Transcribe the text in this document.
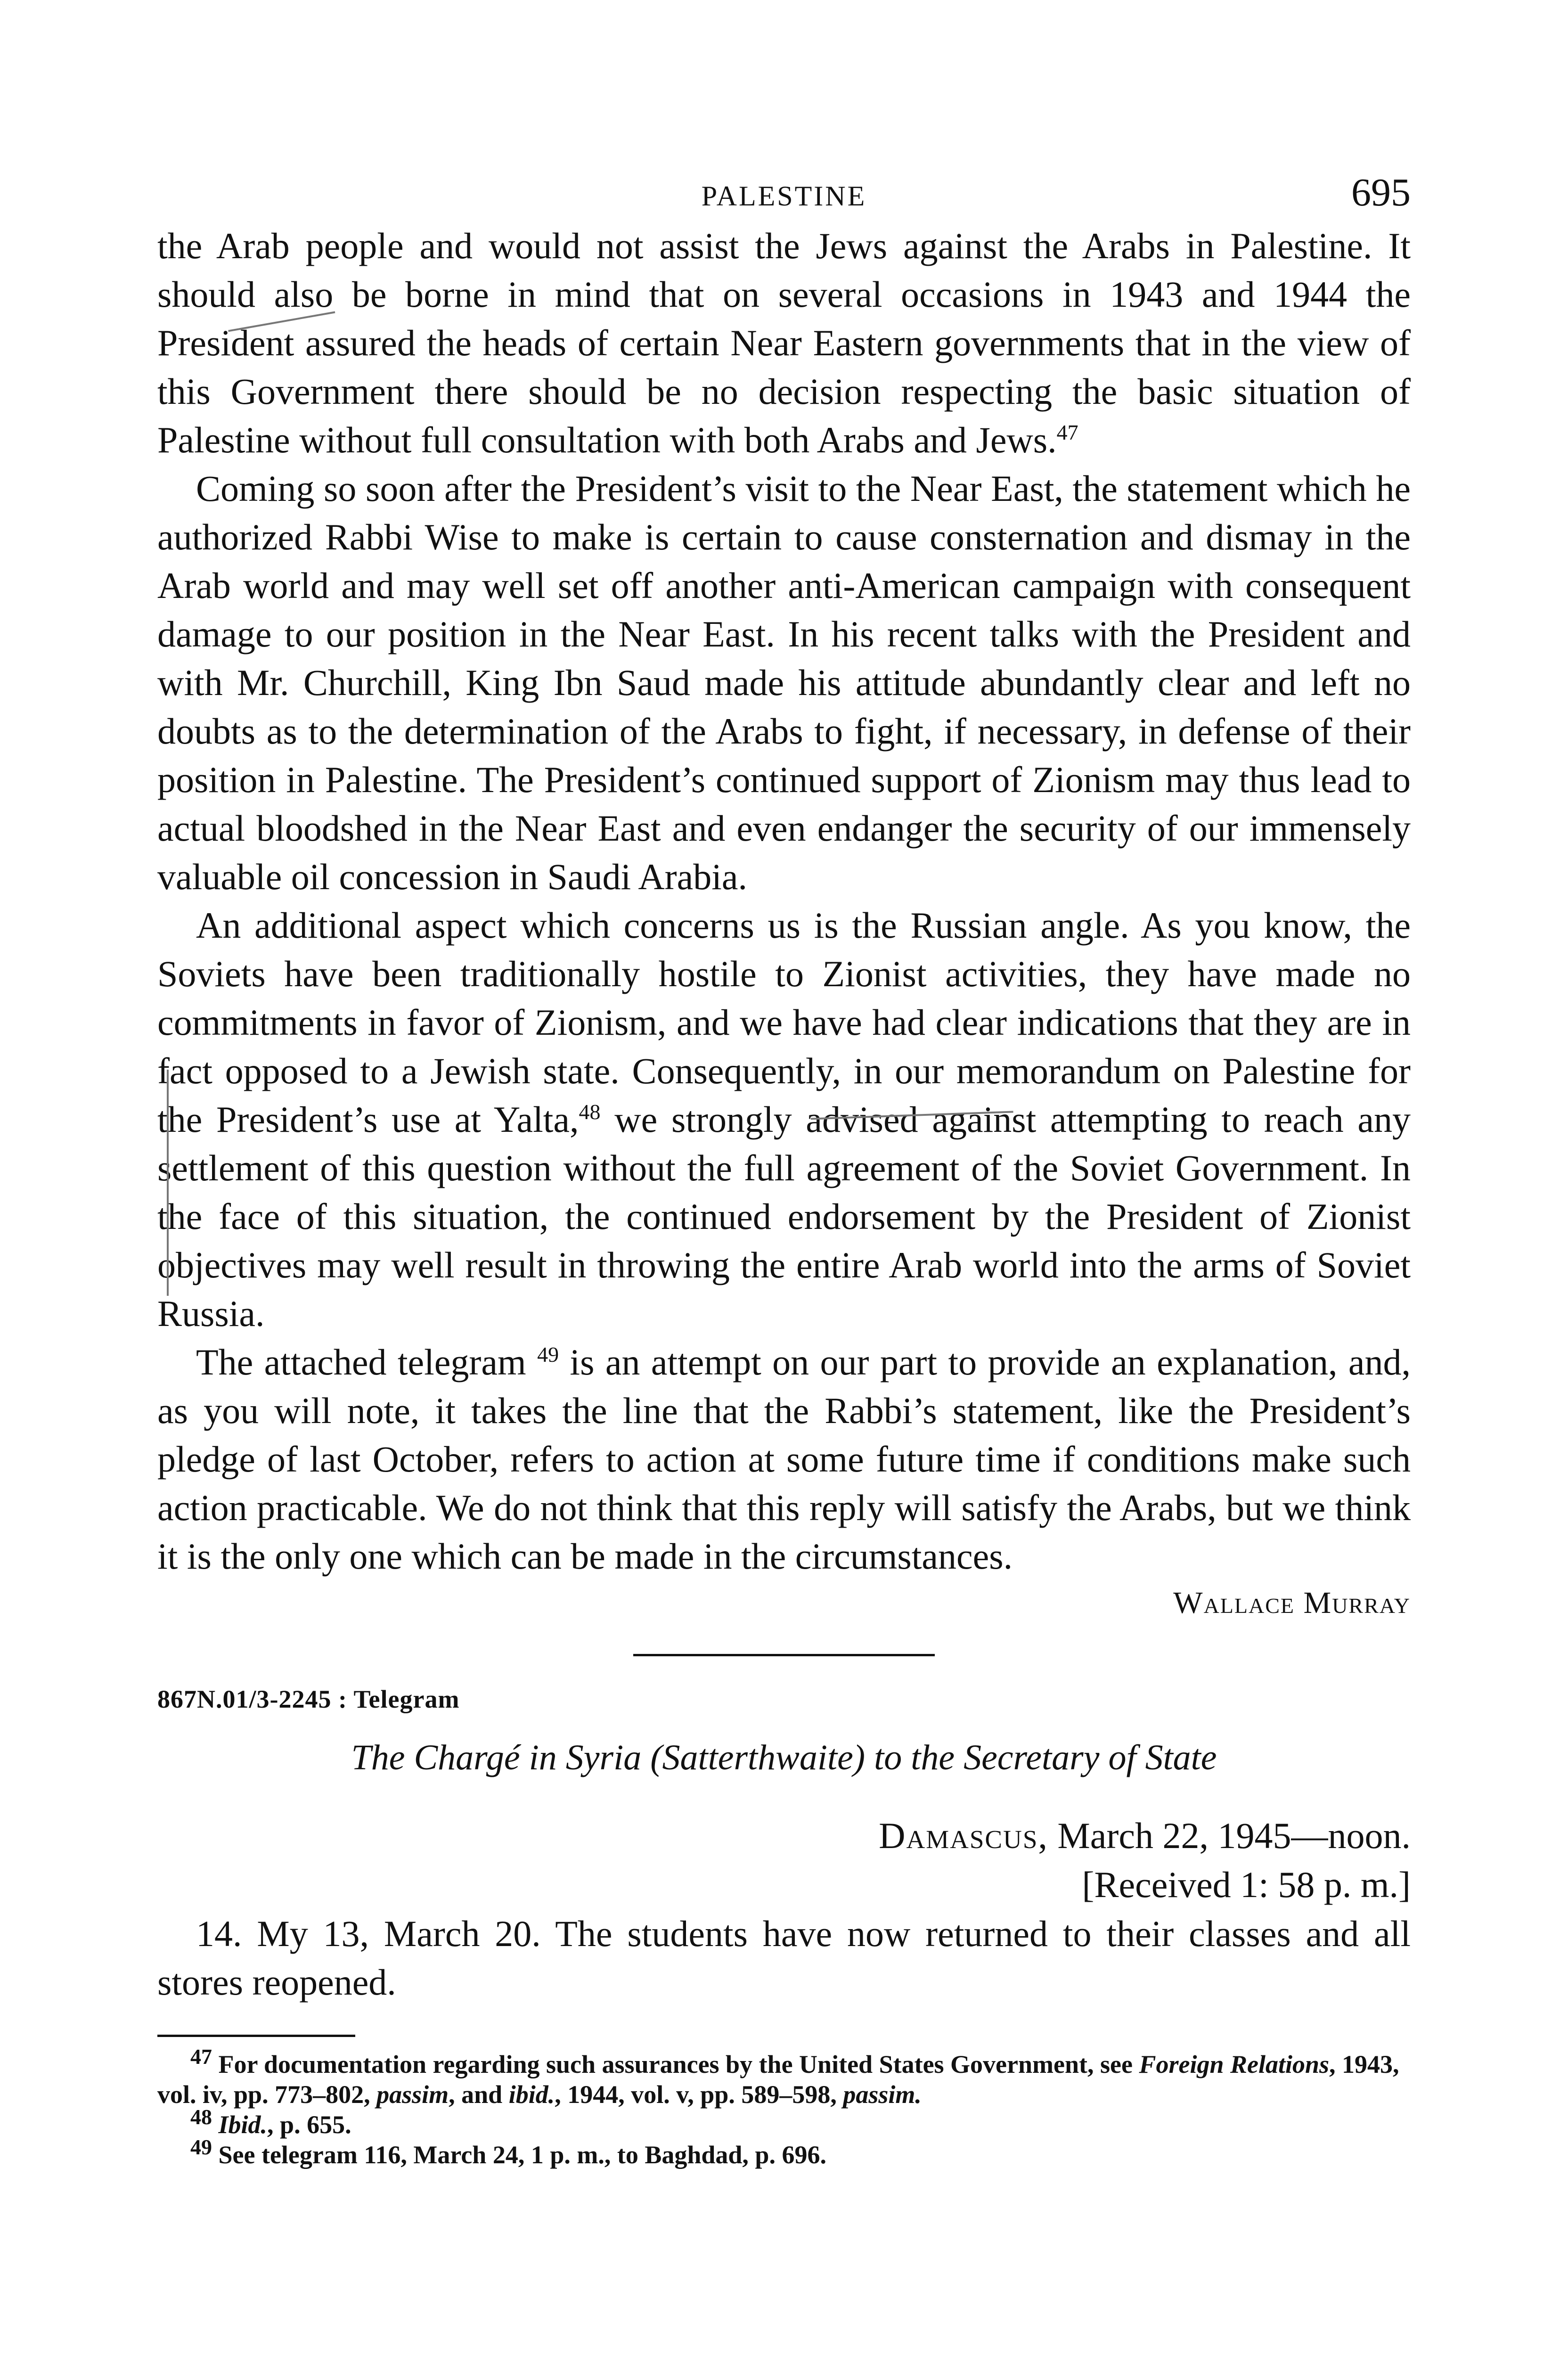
PALESTINE	695

the Arab people and would not assist the Jews against the Arabs in Palestine. It should also be borne in mind that on several occasions in 1943 and 1944 the President assured the heads of certain Near Eastern governments that in the view of this Government there should be no decision respecting the basic situation of Palestine without full consultation with both Arabs and Jews.$^{47}$

Coming so soon after the President’s visit to the Near East, the statement which he authorized Rabbi Wise to make is certain to cause consternation and dismay in the Arab world and may well set off another anti-American campaign with consequent damage to our position in the Near East. In his recent talks with the President and with Mr. Churchill, King Ibn Saud made his attitude abundantly clear and left no doubts as to the determination of the Arabs to fight, if necessary, in defense of their position in Palestine. The President’s continued support of Zionism may thus lead to actual bloodshed in the Near East and even endanger the security of our immensely valuable oil concession in Saudi Arabia.

An additional aspect which concerns us is the Russian angle. As you know, the Soviets have been traditionally hostile to Zionist activities, they have made no commitments in favor of Zionism, and we have had clear indications that they are in fact opposed to a Jewish state. Consequently, in our memorandum on Palestine for the President’s use at Yalta,$^{48}$ we strongly advised against attempting to reach any settlement of this question without the full agreement of the Soviet Government. In the face of this situation, the continued endorsement by the President of Zionist objectives may well result in throwing the entire Arab world into the arms of Soviet Russia.

The attached telegram $^{49}$ is an attempt on our part to provide an explanation, and, as you will note, it takes the line that the Rabbi’s statement, like the President’s pledge of last October, refers to action at some future time if conditions make such action practicable. We do not think that this reply will satisfy the Arabs, but we think it is the only one which can be made in the circumstances.

Wallace Murray
867N.01/3-2245 : Telegram
The Chargé in Syria (Satterthwaite) to the Secretary of State
Damascus, March 22, 1945—noon.
[Received 1: 58 p. m.]

14. My 13, March 20. The students have now returned to their classes and all stores reopened.

$^{47}$ For documentation regarding such assurances by the United States Government, see Foreign Relations, 1943, vol. iv, pp. 773–802, passim, and ibid., 1944, vol. v, pp. 589–598, passim.

$^{48}$ Ibid., p. 655.

$^{49}$ See telegram 116, March 24, 1 p. m., to Baghdad, p. 696.
